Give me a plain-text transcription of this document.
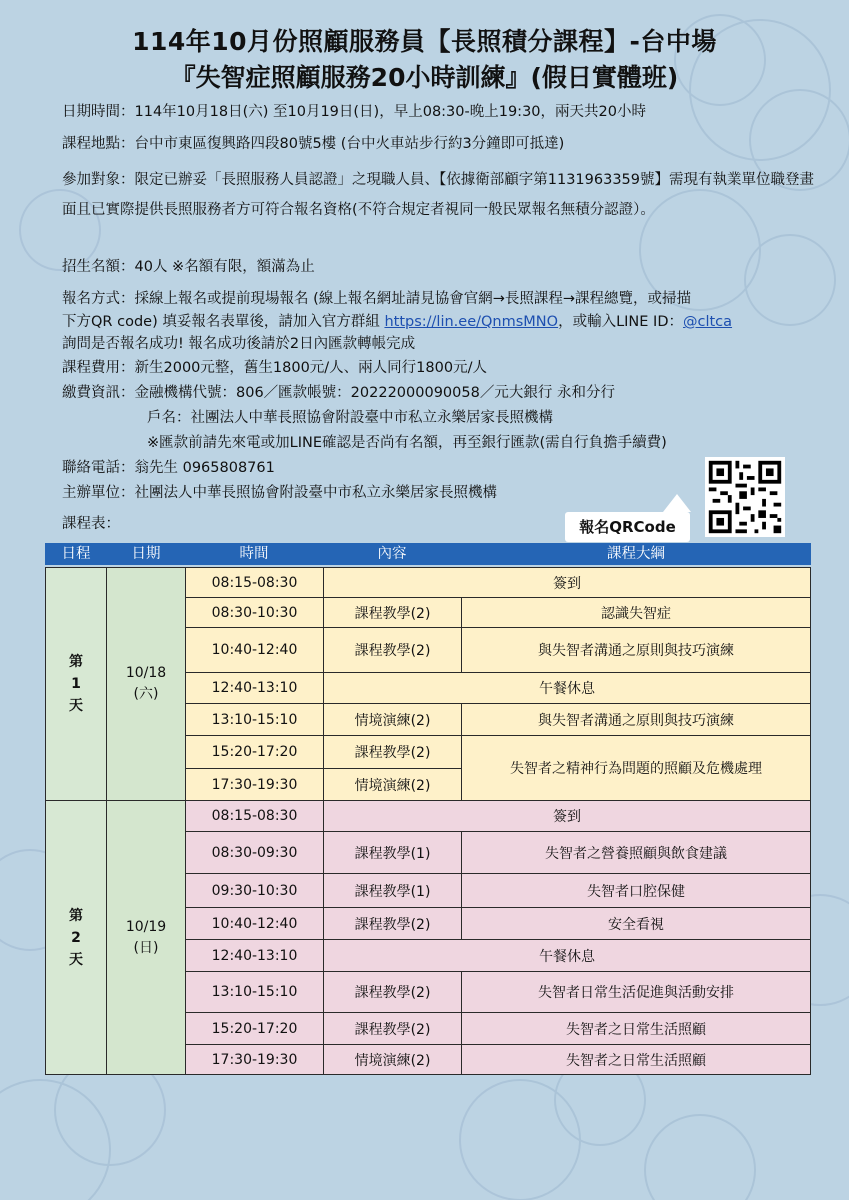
114年10月份照顧服務員【長照積分課程】-台中場
『失智症照顧服務20小時訓練』(假日實體班)
日期時間：114年10月18日(六) 至10月19日(日)，早上08:30-晚上19:30，兩天共20小時
課程地點：台中市東區復興路四段80號5樓 (台中火車站步行約3分鐘即可抵達)
參加對象：限定已辦妥「長照服務人員認證」之現職人員、【依據衛部顧字第1131963359號】需現有執業單位職登畫面且已實際提供長照服務者方可符合報名資格(不符合規定者視同一般民眾報名無積分認證）。
招生名額：40人 ※名額有限，額滿為止
報名方式：採線上報名或提前現場報名 (線上報名網址請見協會官網→長照課程→課程總覽，或掃描
下方QR code) 填妥報名表單後，請加入官方群組 https://lin.ee/QnmsMNO，或輸入LINE ID：@cltca
詢問是否報名成功! 報名成功後請於2日內匯款轉帳完成
課程費用：新生2000元整，舊生1800元/人、兩人同行1800元/人
繳費資訊：金融機構代號：806／匯款帳號：20222000090058／元大銀行 永和分行
戶名：社團法人中華長照協會附設臺中市私立永樂居家長照機構
※匯款前請先來電或加LINE確認是否尚有名額，再至銀行匯款(需自行負擔手續費)
聯絡電話：翁先生 0965808761
主辦單位：社團法人中華長照協會附設臺中市私立永樂居家長照機構
課程表：	報名QRCode
日程	日期	時間	內容	課程大綱
第
1
天
10/18
(六)
08:15-08:30	簽到
08:30-10:30	課程教學(2)	認識失智症
10:40-12:40	課程教學(2)	與失智者溝通之原則與技巧演練
12:40-13:10	午餐休息
13:10-15:10	情境演練(2)	與失智者溝通之原則與技巧演練
15:20-17:20	課程教學(2)
17:30-19:30	情境演練(2)
失智者之精神行為問題的照顧及危機處理
第
2
天
10/19
(日)
08:15-08:30	簽到
08:30-09:30	課程教學(1)	失智者之營養照顧與飲食建議
09:30-10:30	課程教學(1)	失智者口腔保健
10:40-12:40	課程教學(2)	安全看視
12:40-13:10	午餐休息
13:10-15:10	課程教學(2)	失智者日常生活促進與活動安排
15:20-17:20	課程教學(2)	失智者之日常生活照顧
17:30-19:30	情境演練(2)	失智者之日常生活照顧
